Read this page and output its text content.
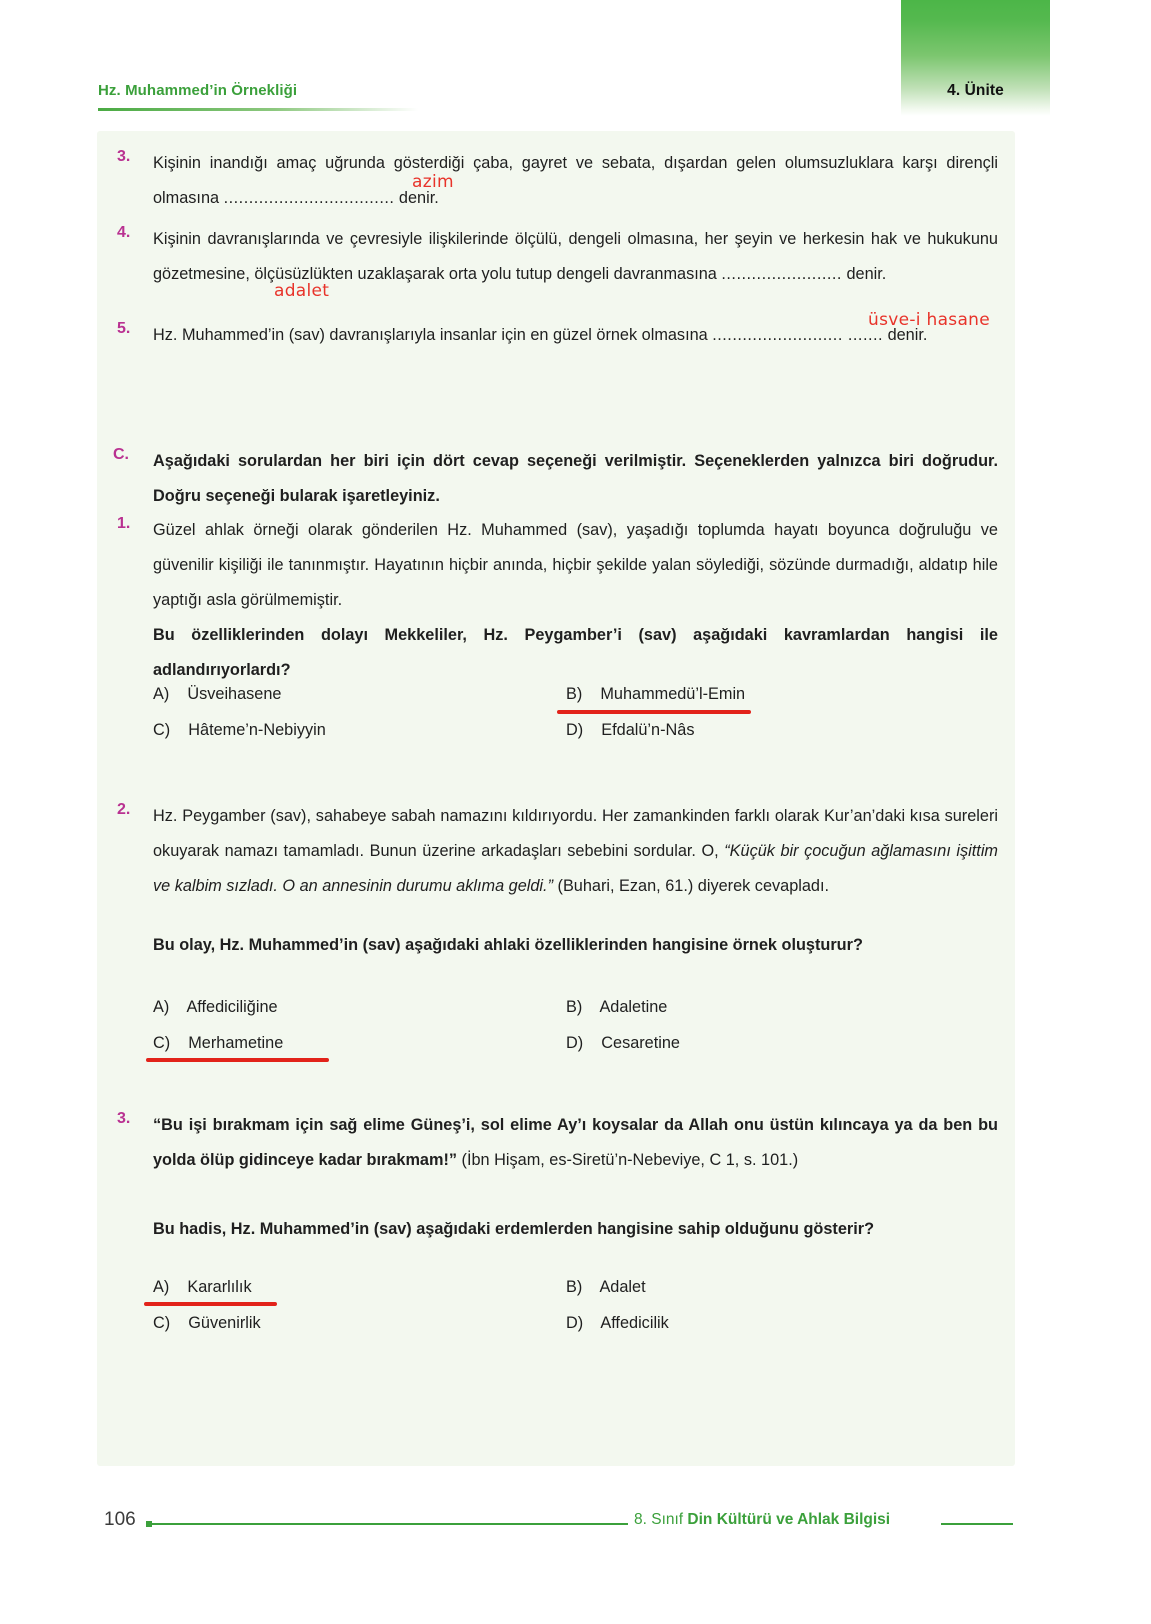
4. Ünite
Hz. Muhammed’in Örnekliği
3. Kişinin inandığı amaç uğrunda gösterdiği çaba, gayret ve sebata, dışardan gelen olumsuzluklara karşı dirençli olmasına .................................. denir.
azim
4. Kişinin davranışlarında ve çevresiyle ilişkilerinde ölçülü, dengeli olmasına, her şeyin ve herkesin hak ve hukukunu gözetmesine, ölçüsüzlükten uzaklaşarak orta yolu tutup dengeli davranmasına ........................ denir.
adalet
5. Hz. Muhammed’in (sav) davranışlarıyla insanlar için en güzel örnek olmasına .......................... ....... denir.
üsve-i hasane
C. Aşağıdaki sorulardan her biri için dört cevap seçeneği verilmiştir. Seçeneklerden yalnızca biri doğrudur. Doğru seçeneği bularak işaretleyiniz.
1. Güzel ahlak örneği olarak gönderilen Hz. Muhammed (sav), yaşadığı toplumda hayatı boyunca doğruluğu ve güvenilir kişiliği ile tanınmıştır. Hayatının hiçbir anında, hiçbir şekilde yalan söylediği, sözünde durmadığı, aldatıp hile yaptığı asla görülmemiştir.
Bu özelliklerinden dolayı Mekkeliler, Hz. Peygamber’i (sav) aşağıdaki kavramlardan hangisi ile adlandırıyorlardı?
A) Üsveihasene	B) Muhammedü’l-Emin
C) Hâteme’n-Nebiyyin	D) Efdalü’n-Nâs
2. Hz. Peygamber (sav), sahabeye sabah namazını kıldırıyordu. Her zamankinden farklı olarak Kur’an’daki kısa sureleri okuyarak namazı tamamladı. Bunun üzerine arkadaşları sebebini sordular. O, “Küçük bir çocuğun ağlamasını işittim ve kalbim sızladı. O an annesinin durumu aklıma geldi.” (Buhari, Ezan, 61.) diyerek cevapladı.
Bu olay, Hz. Muhammed’in (sav) aşağıdaki ahlaki özelliklerinden hangisine örnek oluşturur?
A) Affediciliğine	B) Adaletine
C) Merhametine	D) Cesaretine
3. “Bu işi bırakmam için sağ elime Güneş’i, sol elime Ay’ı koysalar da Allah onu üstün kılıncaya ya da ben bu yolda ölüp gidinceye kadar bırakmam!” (İbn Hişam, es-Siretü’n-Nebeviye, C 1, s. 101.)
Bu hadis, Hz. Muhammed’in (sav) aşağıdaki erdemlerden hangisine sahip olduğunu gösterir?
A) Kararlılık	B) Adalet
C) Güvenirlik	D) Affedicilik
106	8. Sınıf Din Kültürü ve Ahlak Bilgisi
